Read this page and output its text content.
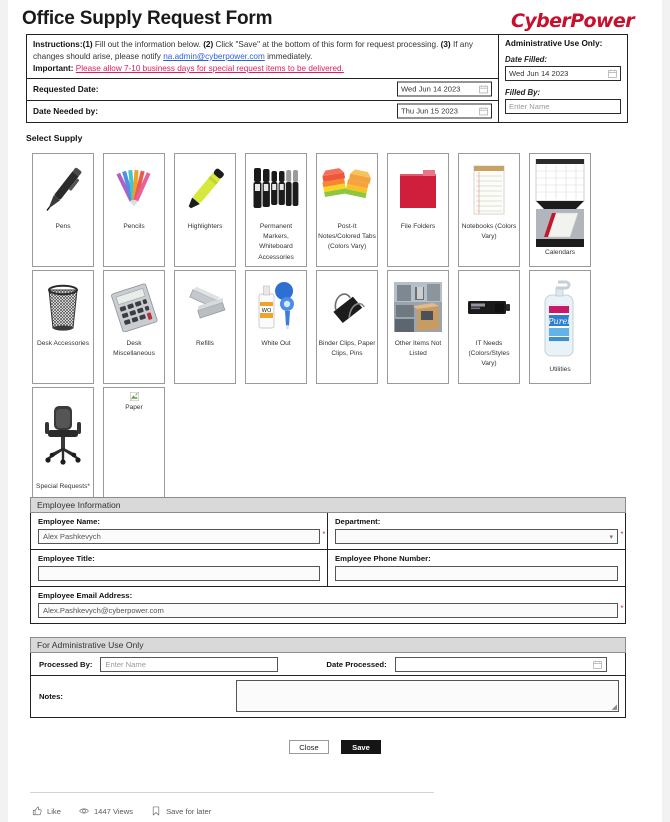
Office Supply Request Form	CyberPower
Instructions:(1) Fill out the information below. (2) Click "Save" at the bottom of this form for request processing. (3) If any changes should arise, please notify na.admin@cyberpower.com immediately.
Important: Please allow 7-10 business days for special request items to be delivered.
Requested Date:	Wed Jun 14 2023
Date Needed by:	Thu Jun 15 2023
Administrative Use Only:
Date Filled:
Wed Jun 14 2023
Filled By:
Enter Name
Select Supply
Pens	Pencils	Highlighters	Permanent Markers, Whiteboard Accessories
Post-It Notes/Colored Tabs (Colors Vary)
File Folders	Notebooks (Colors Vary)
Calendars
Desk Accessories	Desk Miscellaneous
Refills
WO
White Out	Binder Clips, Paper Clips, Pins
Other Items Not Listed
IT Needs (Colors/Styles Vary)
Purel
Utilities
Special Requests*
Paper
Employee Information
Employee Name:
Alex Pashkevych	*
Department:
▾ *
Employee Title:	Employee Phone Number:
Employee Email Address:
Alex.Pashkevych@cyberpower.com	*
For Administrative Use Only
Processed By:	Enter Name	Date Processed:
Notes:
◢
Close	Save
Like	1447 Views	Save for later
